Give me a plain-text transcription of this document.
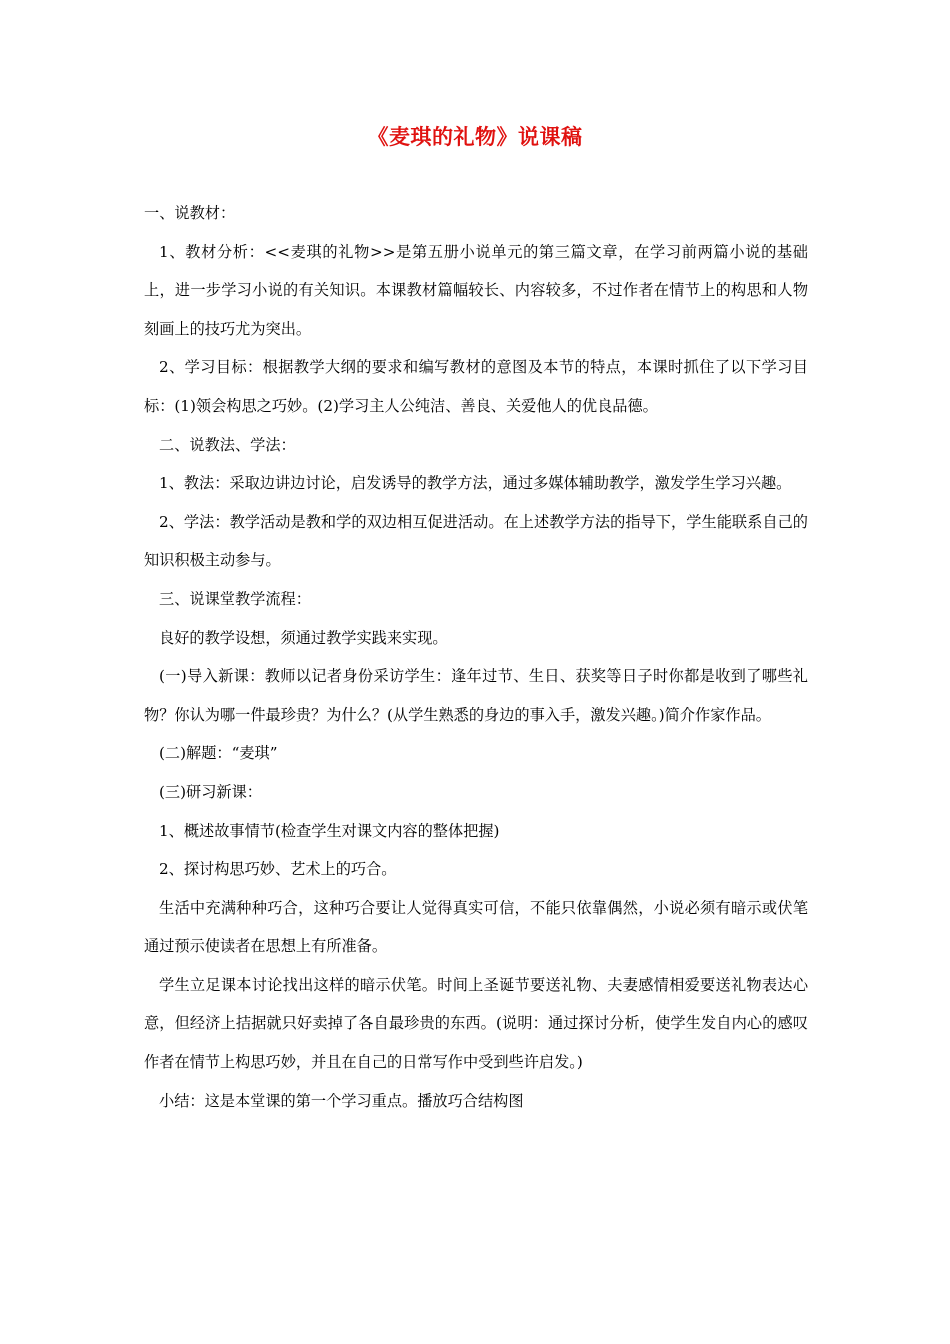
《麦琪的礼物》说课稿

一、说教材：

1、教材分析：<<麦琪的礼物>>是第五册小说单元的第三篇文章，在学习前两篇小说的基础上，进一步学习小说的有关知识。本课教材篇幅较长、内容较多，不过作者在情节上的构思和人物刻画上的技巧尤为突出。

2、学习目标：根据教学大纲的要求和编写教材的意图及本节的特点，本课时抓住了以下学习目标：(1)领会构思之巧妙。(2)学习主人公纯洁、善良、关爱他人的优良品德。

二、说教法、学法：

1、教法：采取边讲边讨论，启发诱导的教学方法，通过多媒体辅助教学，激发学生学习兴趣。

2、学法：教学活动是教和学的双边相互促进活动。在上述教学方法的指导下，学生能联系自己的知识积极主动参与。

三、说课堂教学流程：

良好的教学设想，须通过教学实践来实现。

(一)导入新课：教师以记者身份采访学生：逢年过节、生日、获奖等日子时你都是收到了哪些礼物？你认为哪一件最珍贵？为什么？(从学生熟悉的身边的事入手，激发兴趣。)简介作家作品。

(二)解题：“麦琪”

(三)研习新课：

1、概述故事情节(检查学生对课文内容的整体把握)

2、探讨构思巧妙、艺术上的巧合。

生活中充满种种巧合，这种巧合要让人觉得真实可信，不能只依靠偶然，小说必须有暗示或伏笔通过预示使读者在思想上有所准备。

学生立足课本讨论找出这样的暗示伏笔。时间上圣诞节要送礼物、夫妻感情相爱要送礼物表达心意，但经济上拮据就只好卖掉了各自最珍贵的东西。(说明：通过探讨分析，使学生发自内心的感叹作者在情节上构思巧妙，并且在自己的日常写作中受到些许启发。)

小结：这是本堂课的第一个学习重点。播放巧合结构图
